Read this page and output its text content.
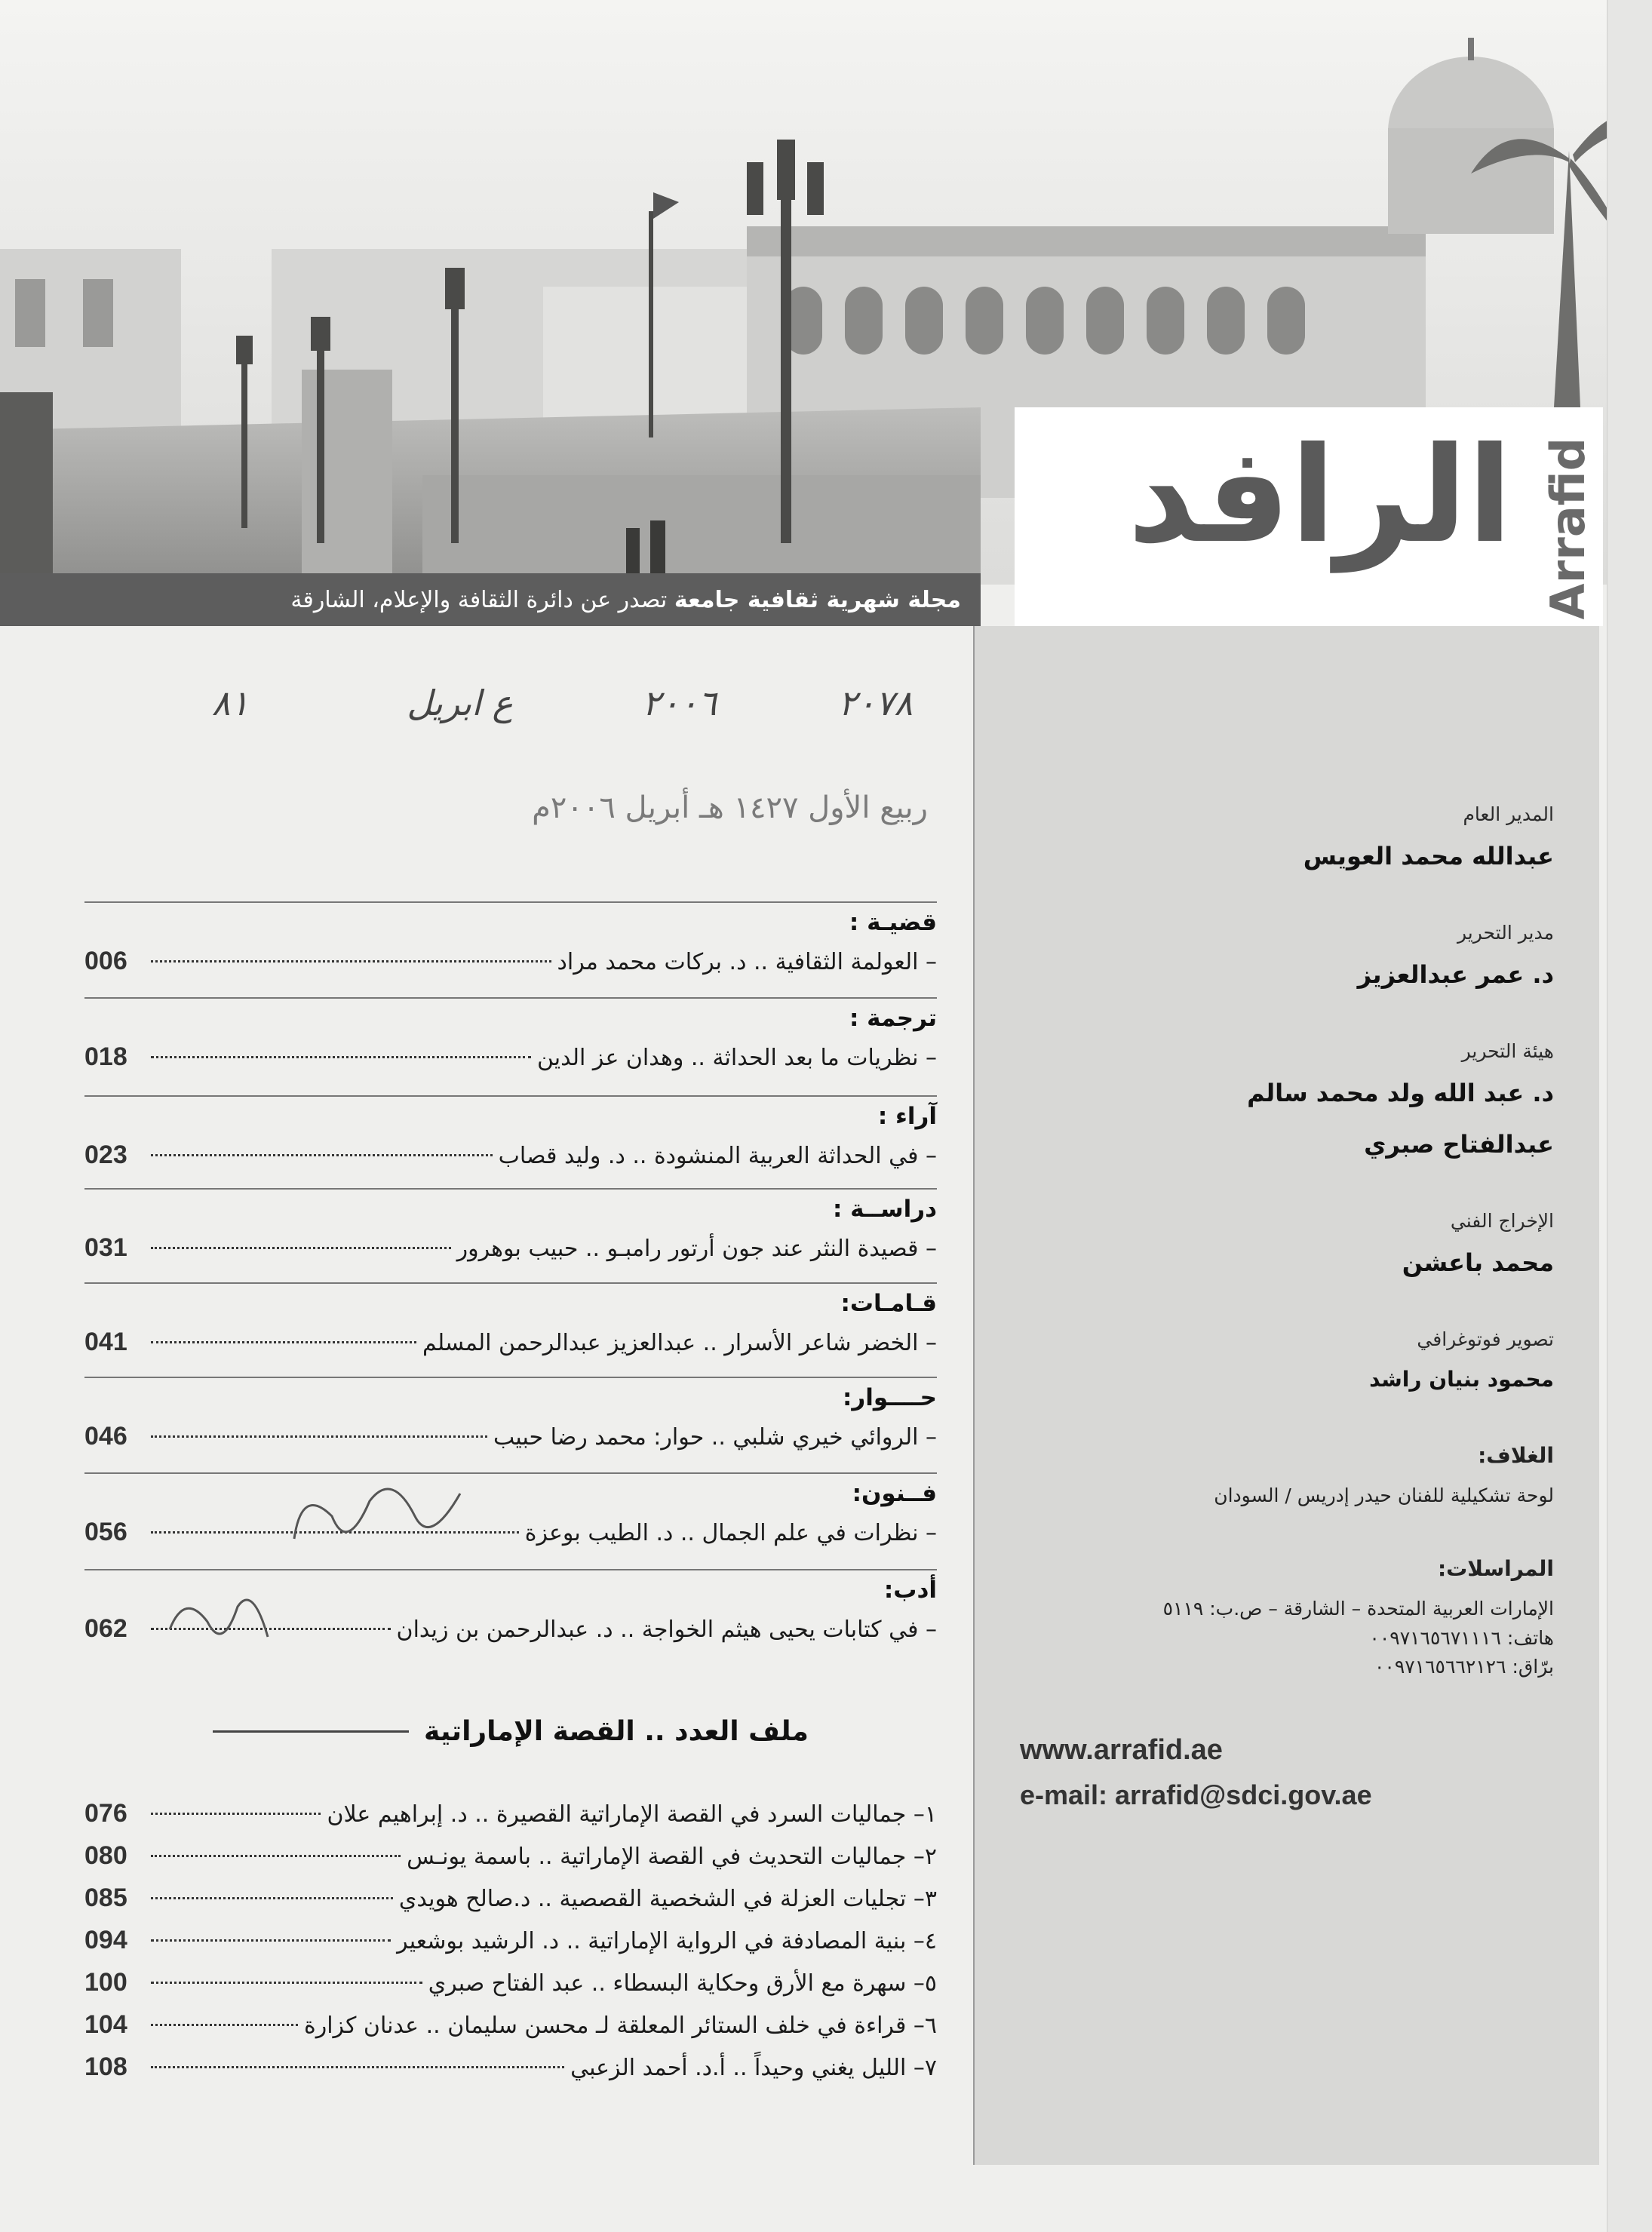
الرافد Arrafid
مجلة شهرية ثقافية جامعة تصدر عن دائرة الثقافة والإعلام، الشارقة
٢٠٧٨
٢٠٠٦
ع ابريل
٨١
ربيع الأول ١٤٢٧ هـ أبريل ٢٠٠٦م
قضيـة :
– العولمة الثقافية .. د. بركات محمد مراد
006
ترجمة :
– نظريات ما بعد الحداثة .. وهدان عز الدين
018
آراء :
– في الحداثة العربية المنشودة .. د. وليد قصاب
023
دراســة :
– قصيدة النثر عند جون أرتور رامبـو .. حبيب بوهرور
031
قـامـات:
– الخضر شاعر الأسرار .. عبدالعزيز عبدالرحمن المسلم
041
حــــوار:
– الروائي خيري شلبي .. حوار: محمد رضا حبيب
046
فــنون:
– نظرات في علم الجمال .. د. الطيب بوعزة
056
أدب:
– في كتابات يحيى هيثم الخواجة .. د. عبدالرحمن بن زيدان
062
ملف العدد .. القصة الإماراتية
١– جماليات السرد في القصة الإماراتية القصيرة .. د. إبراهيم علان
076
٢– جماليات التحديث في القصة الإماراتية .. باسمة يونـس
080
٣– تجليات العزلة في الشخصية القصصية .. د.صالح هويدي
085
٤– بنية المصادفة في الرواية الإماراتية .. د. الرشيد بوشعير
094
٥– سهرة مع الأرق وحكاية البسطاء .. عبد الفتاح صبري
100
٦– قراءة في خلف الستائر المعلقة لـ محسن سليمان .. عدنان كزارة
104
٧– الليل يغني وحيداً .. أ.د. أحمد الزعبي
108
المدير العام
عبدالله محمد العويس
مدير التحرير
د. عمر عبدالعزيز
هيئة التحرير
د. عبد الله ولد محمد سالم
عبدالفتاح صبري
الإخراج الفني
محمد باعشن
تصوير فوتوغرافي
محمود بنيان راشد
الغلاف:
لوحة تشكيلية للفنان حيدر إدريس / السودان
المراسلات:
الإمارات العربية المتحدة – الشارقة – ص.ب: ٥١١٩
هاتف: ٠٠٩٧١٦٥٦٧١١١٦
برّاق: ٠٠٩٧١٦٥٦٦٢١٢٦
www.arrafid.ae
e-mail: arrafid@sdci.gov.ae
